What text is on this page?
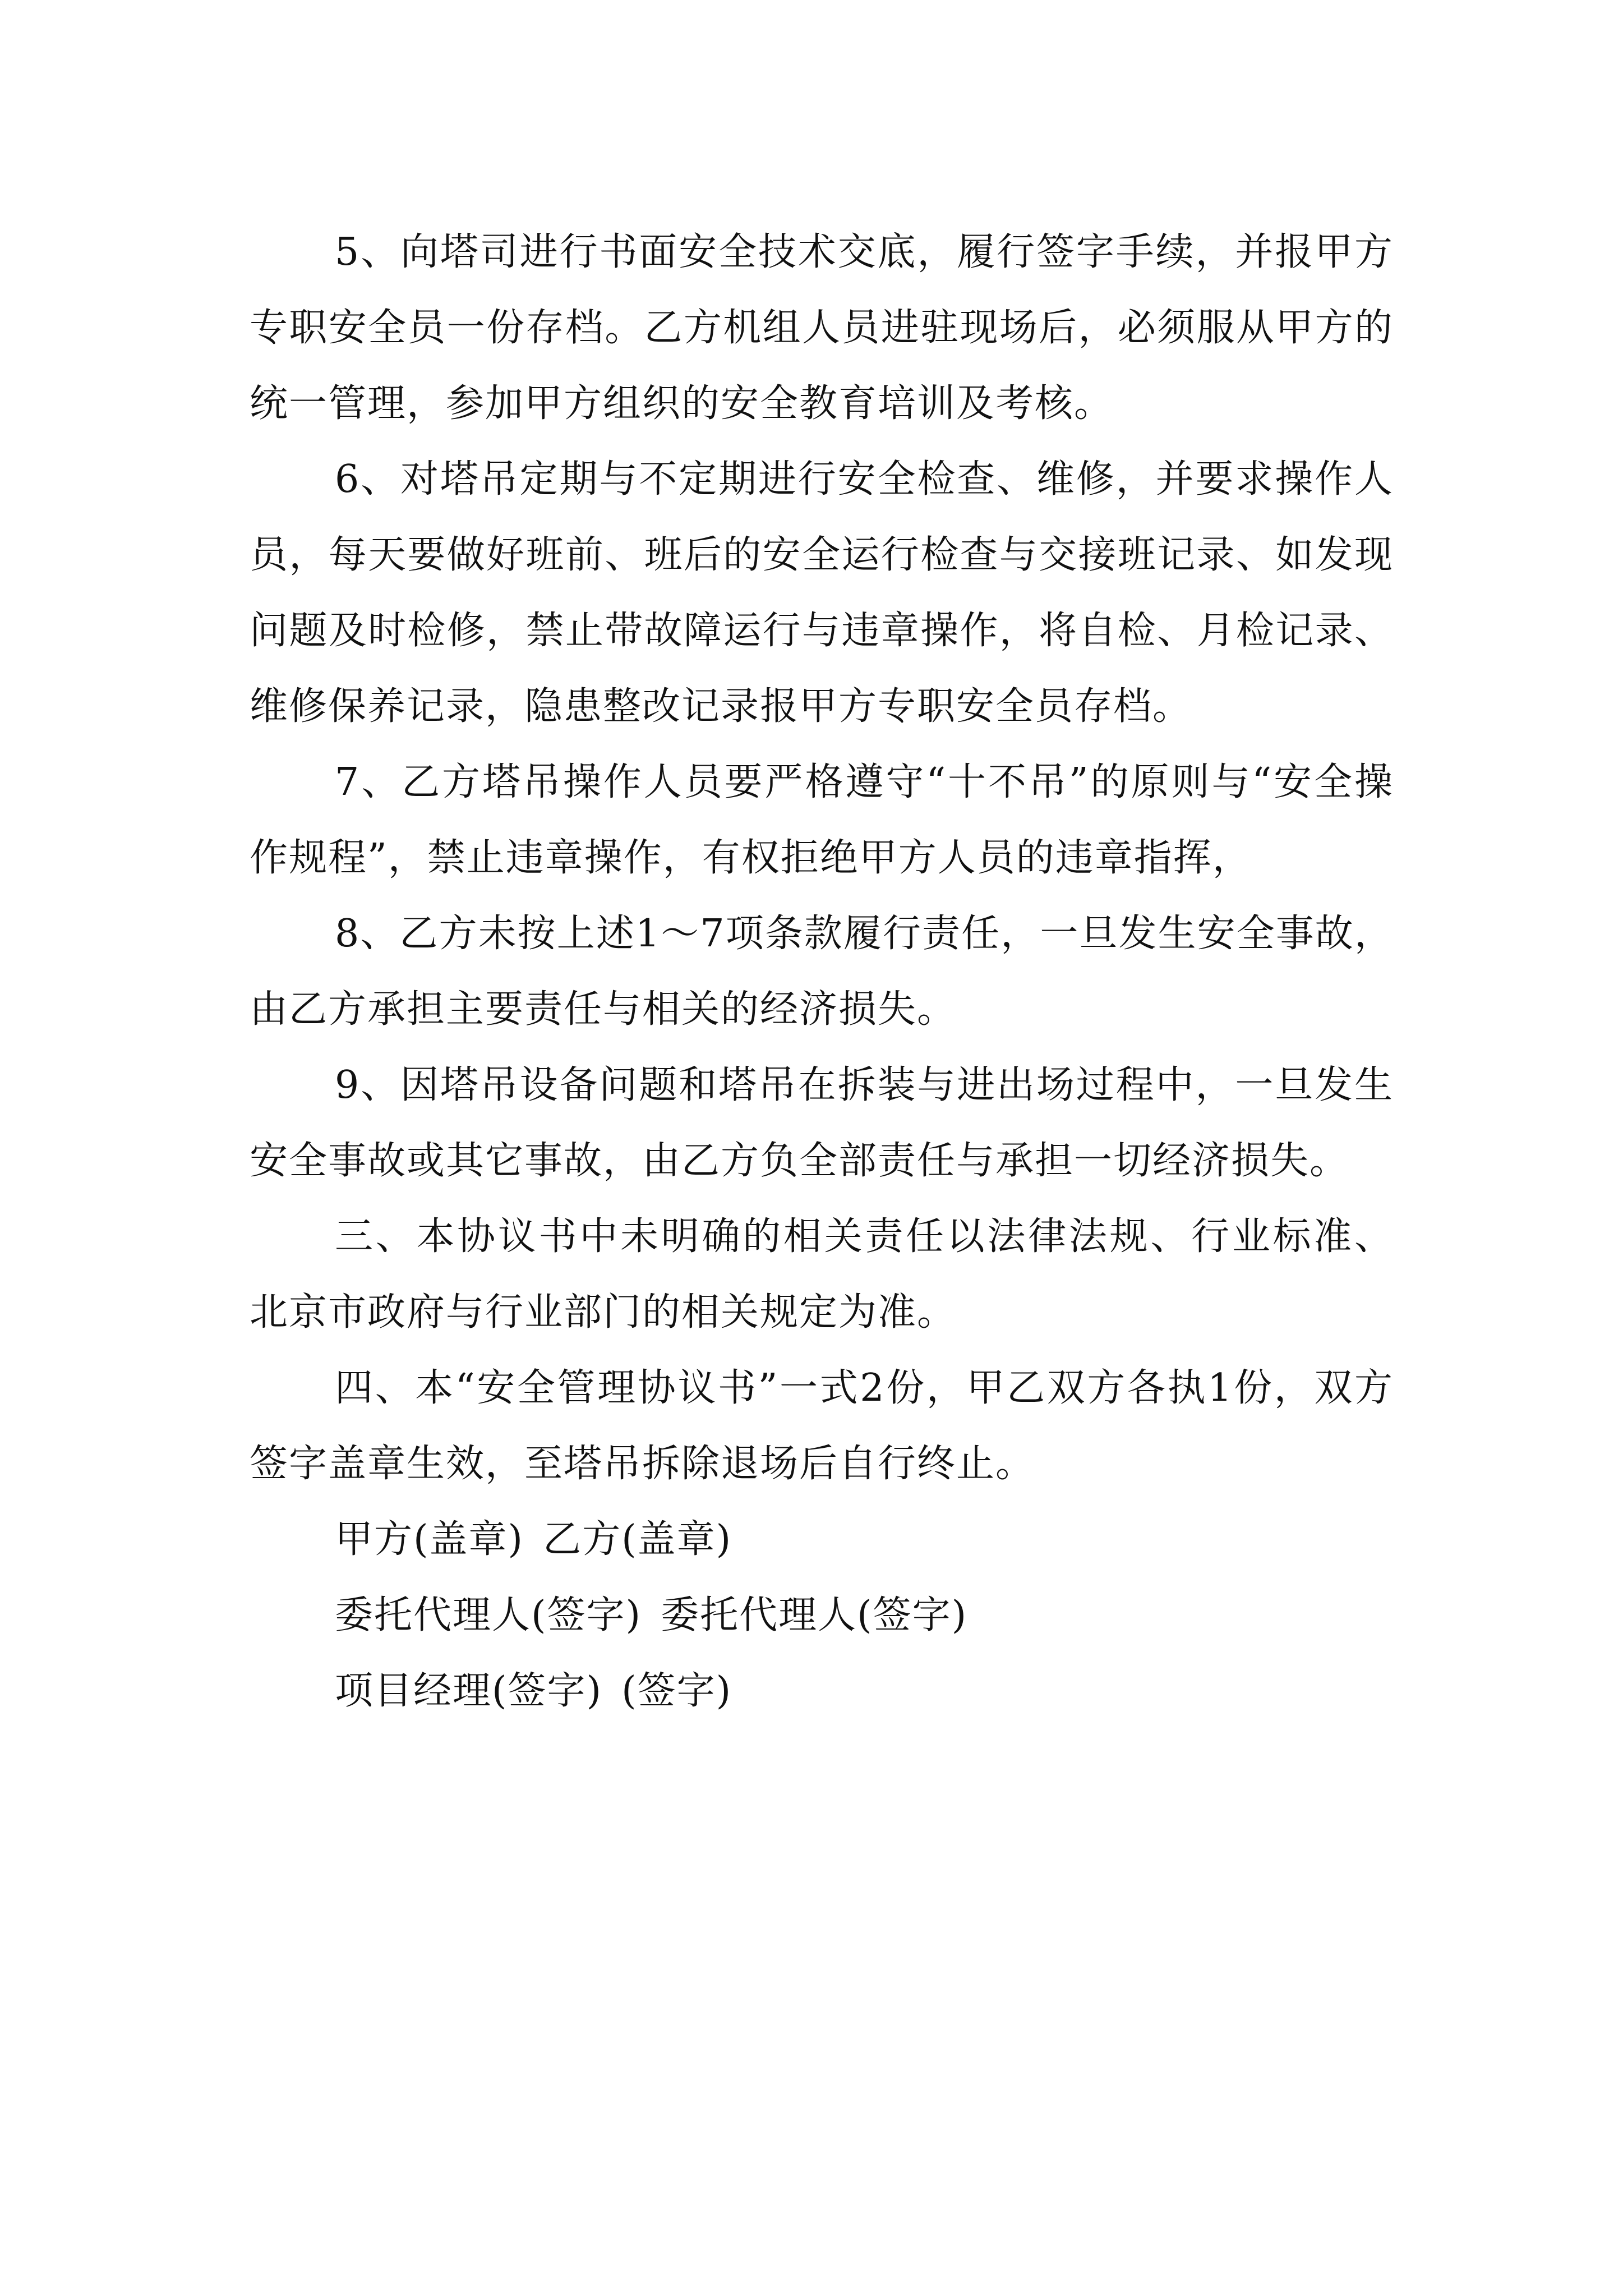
5、向塔司进行书面安全技术交底，履行签字手续，并报甲方专职安全员一份存档。乙方机组人员进驻现场后，必须服从甲方的统一管理，参加甲方组织的安全教育培训及考核。

6、对塔吊定期与不定期进行安全检查、维修，并要求操作人员，每天要做好班前、班后的安全运行检查与交接班记录、如发现问题及时检修，禁止带故障运行与违章操作，将自检、月检记录、维修保养记录，隐患整改记录报甲方专职安全员存档。

7、乙方塔吊操作人员要严格遵守“十不吊”的原则与“安全操作规程”，禁止违章操作，有权拒绝甲方人员的违章指挥，

8、乙方未按上述1～7项条款履行责任，一旦发生安全事故，由乙方承担主要责任与相关的经济损失。

9、因塔吊设备问题和塔吊在拆装与进出场过程中，一旦发生安全事故或其它事故，由乙方负全部责任与承担一切经济损失。

三、本协议书中未明确的相关责任以法律法规、行业标准、北京市政府与行业部门的相关规定为准。

四、本“安全管理协议书”一式2份，甲乙双方各执1份，双方签字盖章生效，至塔吊拆除退场后自行终止。

甲方(盖章) 乙方(盖章)

委托代理人(签字) 委托代理人(签字)

项目经理(签字) (签字)
